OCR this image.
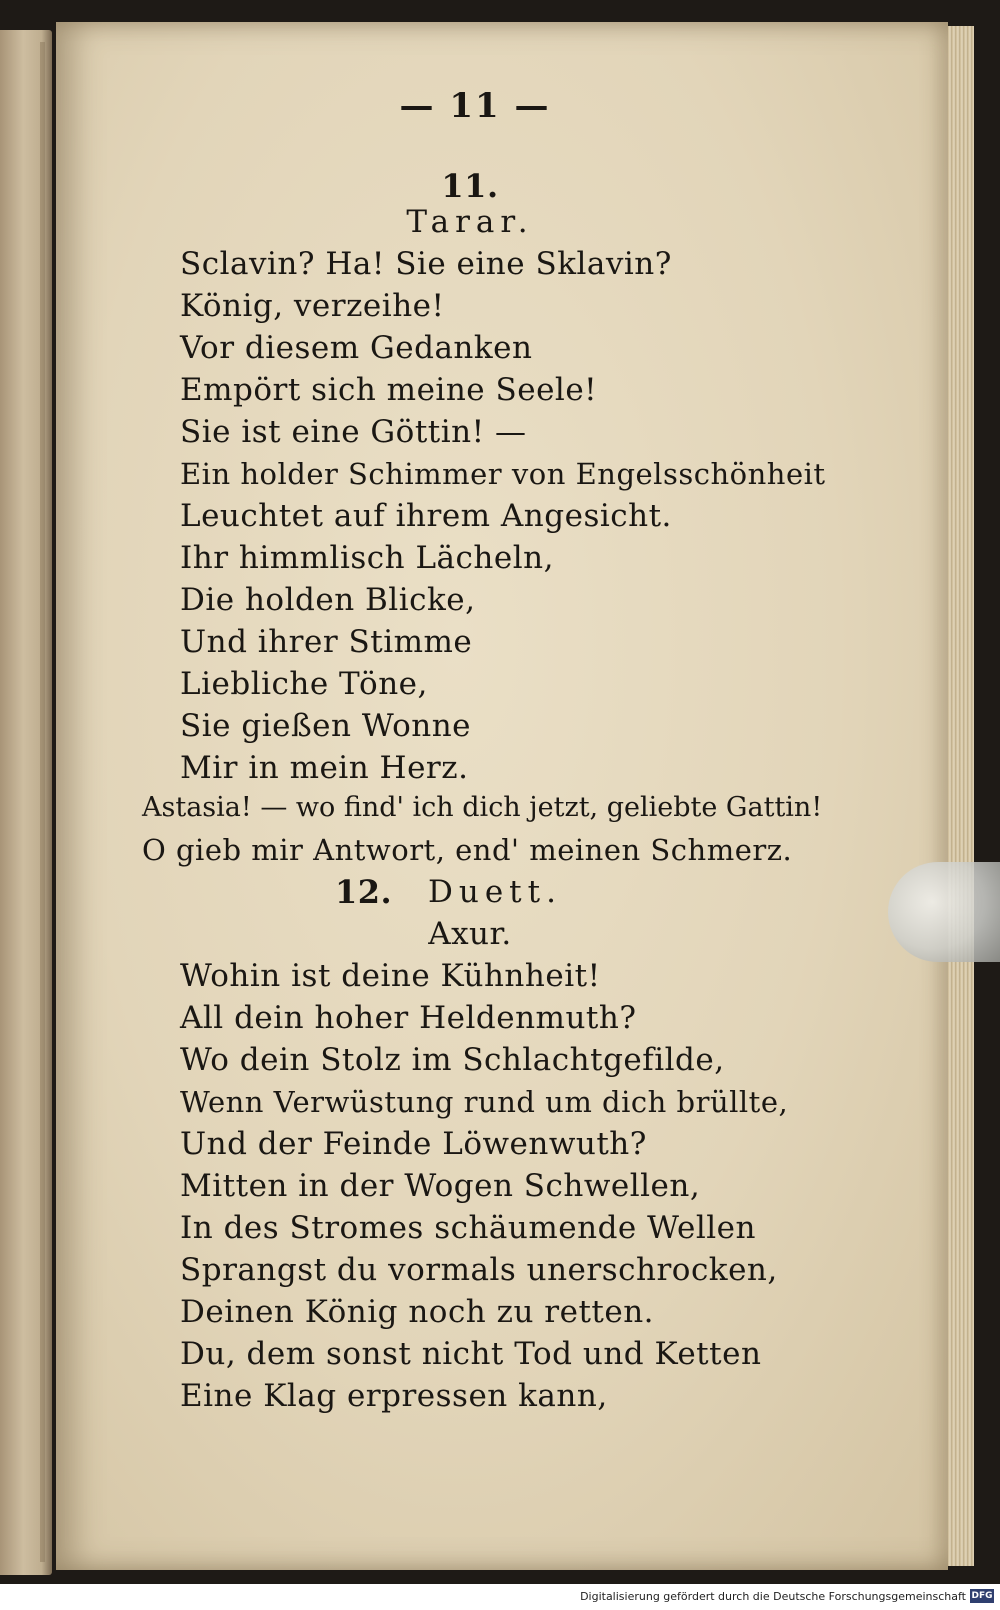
— 11 —
11.
Tarar.
Sclavin? Ha! Sie eine Sklavin?
König, verzeihe!
Vor diesem Gedanken
Empört sich meine Seele!
Sie ist eine Göttin! —
Ein holder Schimmer von Engelsschönheit
Leuchtet auf ihrem Angesicht.
Ihr himmlisch Lächeln,
Die holden Blicke,
Und ihrer Stimme
Liebliche Töne,
Sie gießen Wonne
Mir in mein Herz.
Astasia! — wo find' ich dich jetzt, geliebte Gattin!
O gieb mir Antwort, end' meinen Schmerz.
12. Duett.
Axur.
Wohin ist deine Kühnheit!
All dein hoher Heldenmuth?
Wo dein Stolz im Schlachtgefilde,
Wenn Verwüstung rund um dich brüllte,
Und der Feinde Löwenwuth?
Mitten in der Wogen Schwellen,
In des Stromes schäumende Wellen
Sprangst du vormals unerschrocken,
Deinen König noch zu retten.
Du, dem sonst nicht Tod und Ketten
Eine Klag erpressen kann,
Digitalisierung gefördert durch die Deutsche Forschungsgemeinschaft DFG
